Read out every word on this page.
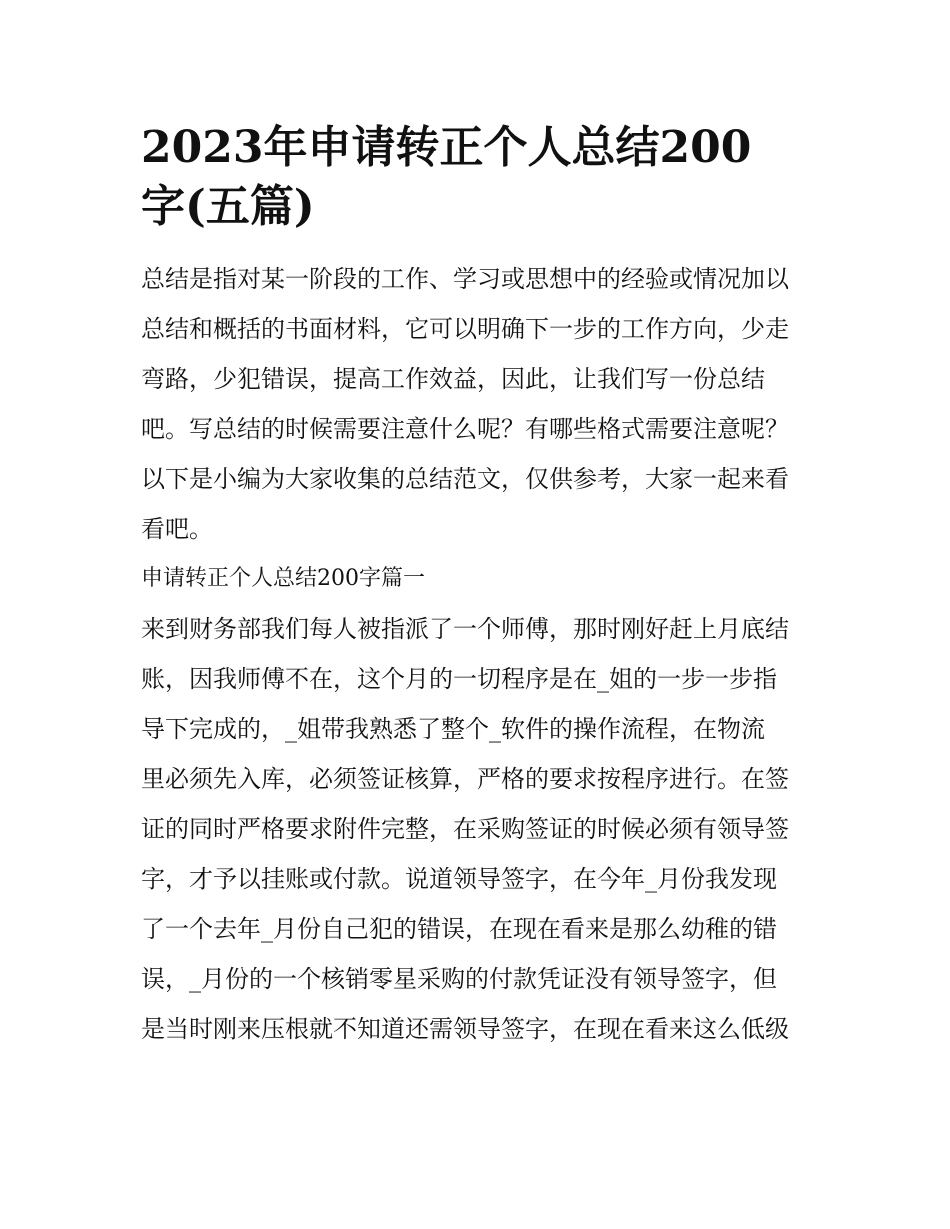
2023年申请转正个人总结200
字(五篇)

总结是指对某一阶段的工作、学习或思想中的经验或情况加以
总结和概括的书面材料，它可以明确下一步的工作方向，少走
弯路，少犯错误，提高工作效益，因此，让我们写一份总结
吧。写总结的时候需要注意什么呢？有哪些格式需要注意呢？
以下是小编为大家收集的总结范文，仅供参考，大家一起来看
看吧。

申请转正个人总结200字篇一

来到财务部我们每人被指派了一个师傅，那时刚好赶上月底结
账，因我师傅不在，这个月的一切程序是在_姐的一步一步指
导下完成的，_姐带我熟悉了整个_软件的操作流程，在物流
里必须先入库，必须签证核算，严格的要求按程序进行。在签
证的同时严格要求附件完整，在采购签证的时候必须有领导签
字，才予以挂账或付款。说道领导签字，在今年_月份我发现
了一个去年_月份自己犯的错误，在现在看来是那么幼稚的错
误，_月份的一个核销零星采购的付款凭证没有领导签字，但
是当时刚来压根就不知道还需领导签字，在现在看来这么低级
